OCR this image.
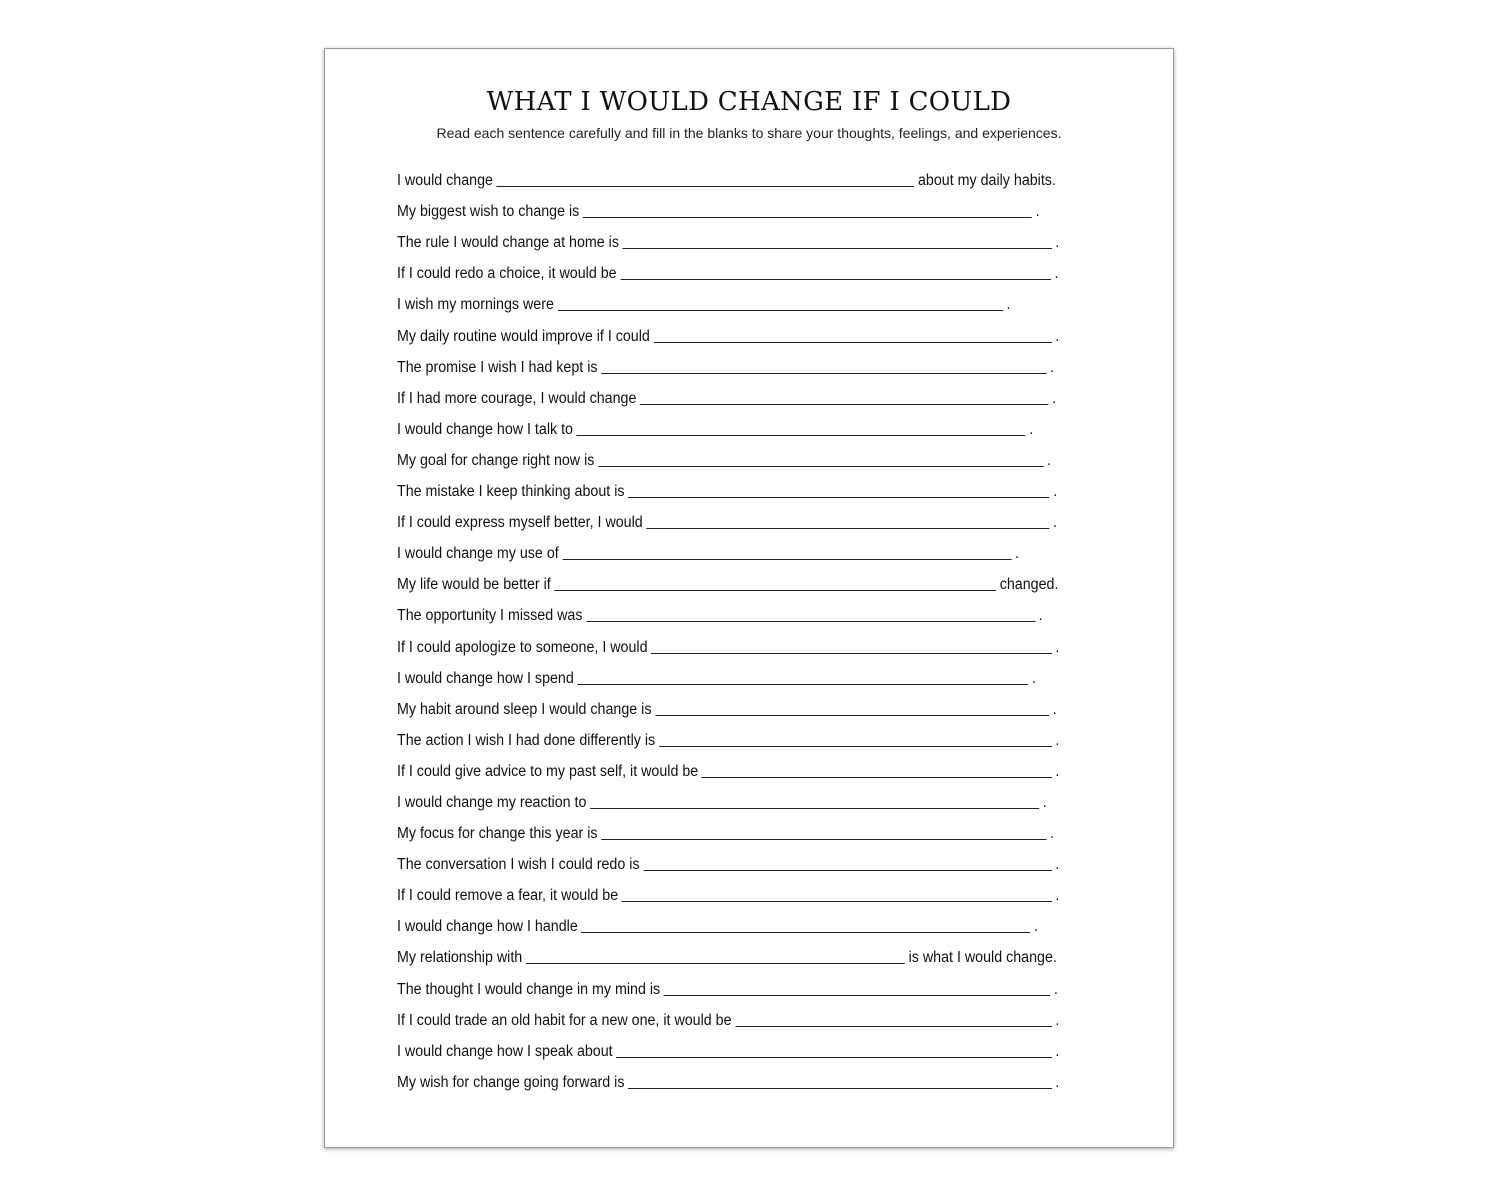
WHAT I WOULD CHANGE IF I COULD

Read each sentence carefully and fill in the blanks to share your thoughts, feelings, and experiences.

I would change	about my daily habits.
My biggest wish to change is	.
The rule I would change at home is	.
If I could redo a choice, it would be	.
I wish my mornings were	.
My daily routine would improve if I could	.
The promise I wish I had kept is	.
If I had more courage, I would change	.
I would change how I talk to	.
My goal for change right now is	.
The mistake I keep thinking about is	.
If I could express myself better, I would	.
I would change my use of	.
My life would be better if	changed.
The opportunity I missed was	.
If I could apologize to someone, I would	.
I would change how I spend	.
My habit around sleep I would change is	.
The action I wish I had done differently is	.
If I could give advice to my past self, it would be	.
I would change my reaction to	.
My focus for change this year is	.
The conversation I wish I could redo is	.
If I could remove a fear, it would be	.
I would change how I handle	.
My relationship with	is what I would change.
The thought I would change in my mind is	.
If I could trade an old habit for a new one, it would be	.
I would change how I speak about	.
My wish for change going forward is	.
